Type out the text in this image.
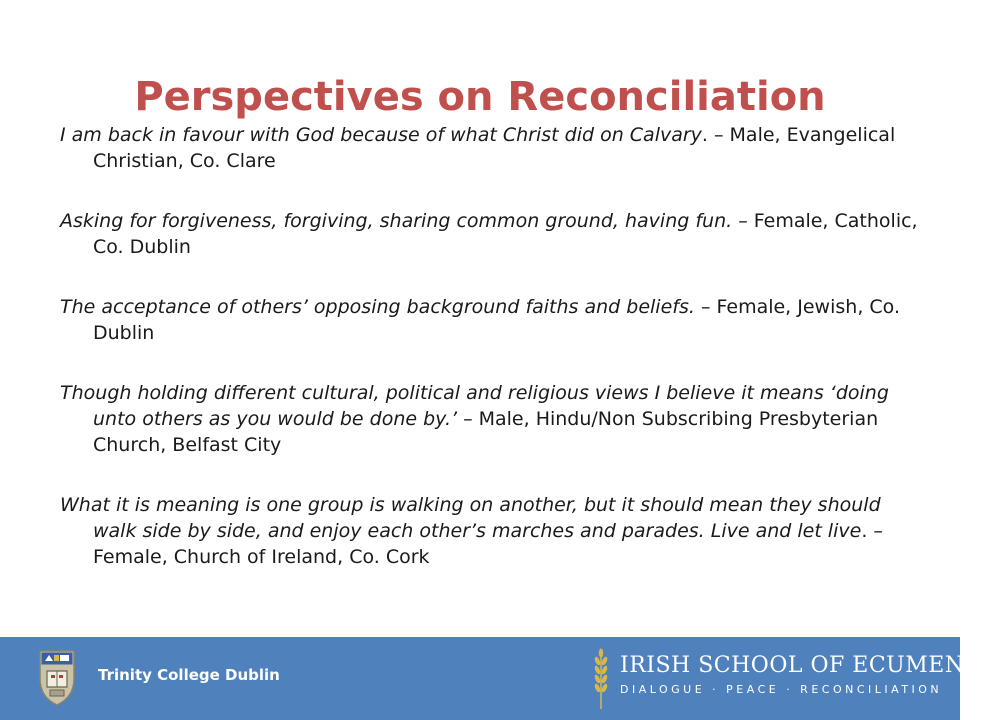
Perspectives on Reconciliation
I am back in favour with God because of what Christ did on Calvary. – Male, Evangelical Christian, Co. Clare
Asking for forgiveness, forgiving, sharing common ground, having fun. – Female, Catholic, Co. Dublin
The acceptance of others’ opposing background faiths and beliefs. – Female, Jewish, Co. Dublin
Though holding different cultural, political and religious views I believe it means ‘doing unto others as you would be done by.’ – Male, Hindu/Non Subscribing Presbyterian Church, Belfast City
What it is meaning is one group is walking on another, but it should mean they should walk side by side, and enjoy each other’s marches and parades. Live and let live. – Female, Church of Ireland, Co. Cork
Trinity College Dublin	IRISH SCHOOL OF ECUMENICS
DIALOGUE · PEACE · RECONCILIATION
